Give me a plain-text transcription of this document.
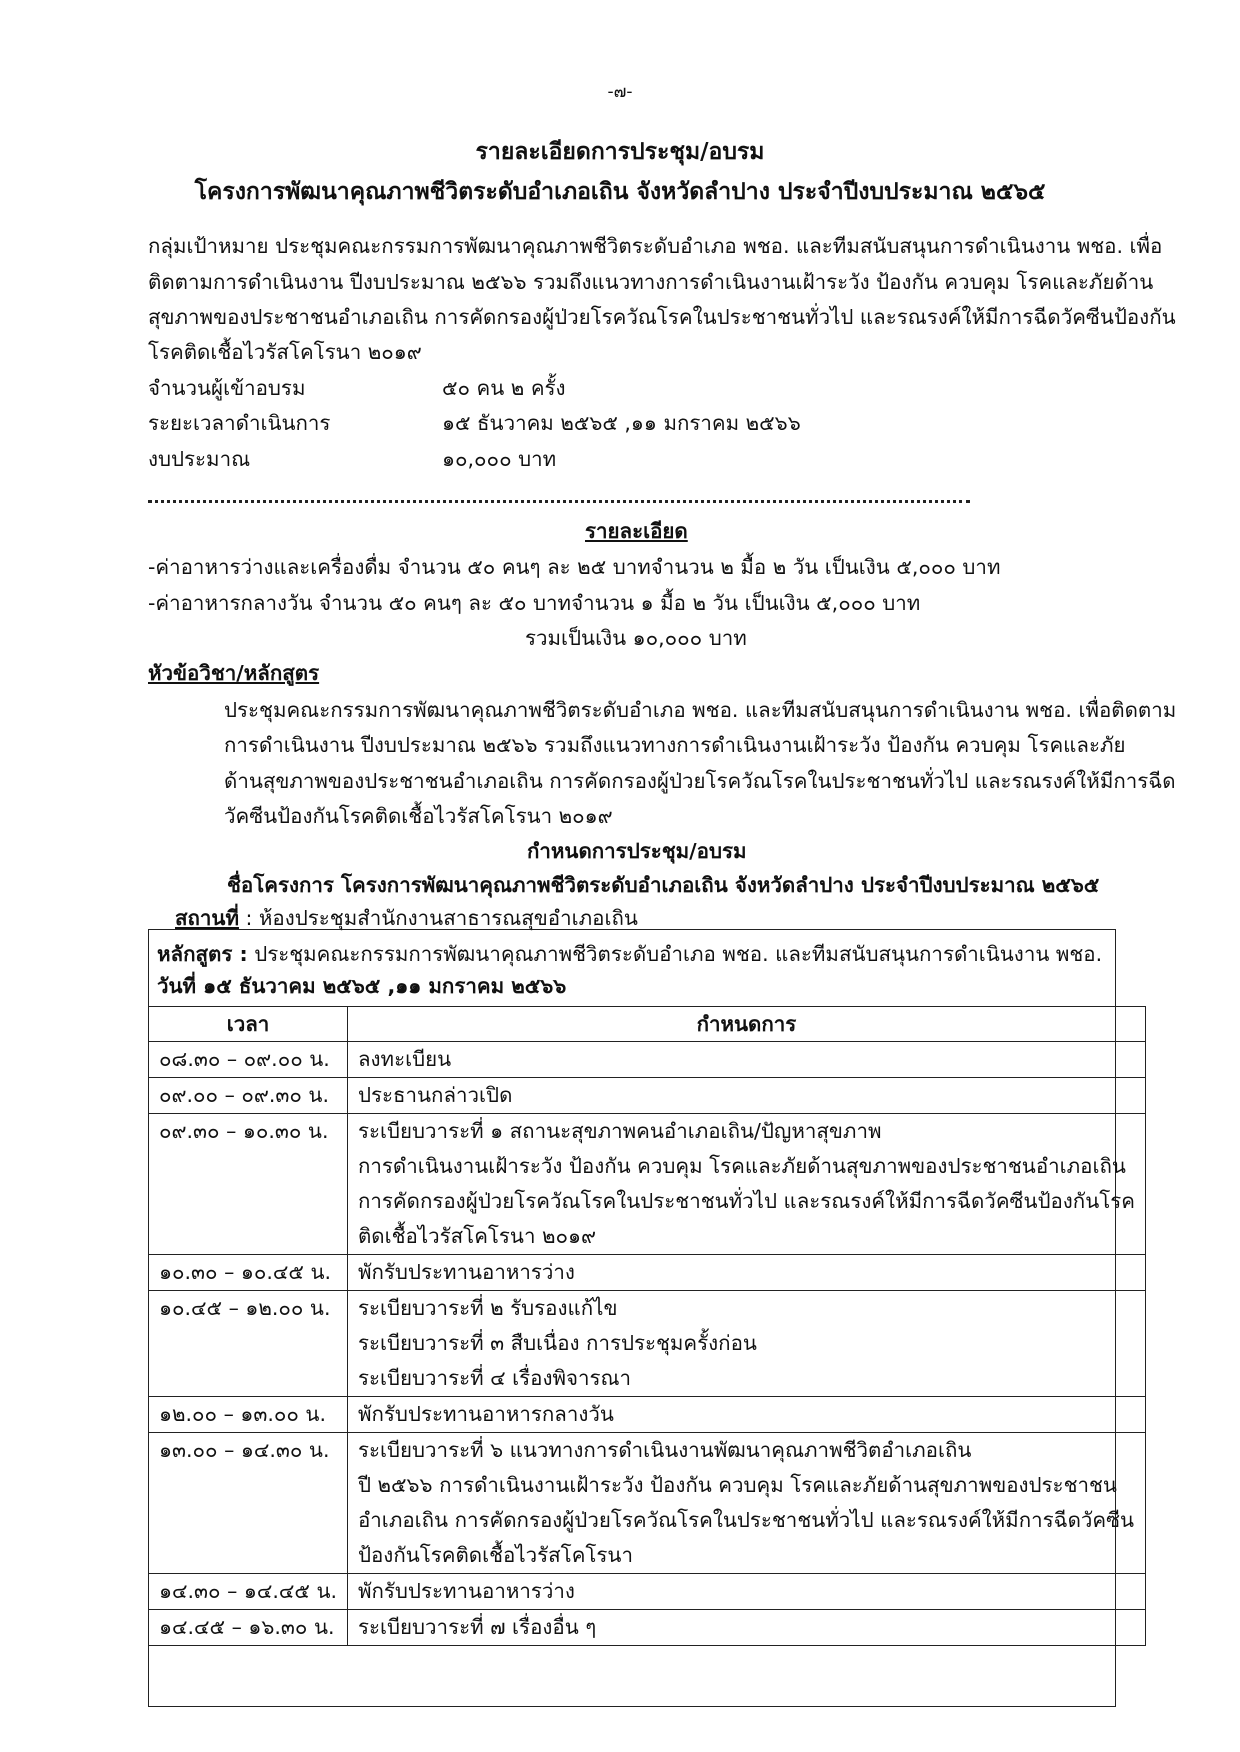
-๗-
รายละเอียดการประชุม/อบรม
โครงการพัฒนาคุณภาพชีวิตระดับอำเภอเถิน จังหวัดลำปาง ประจำปีงบประมาณ ๒๕๖๕
กลุ่มเป้าหมาย ประชุมคณะกรรมการพัฒนาคุณภาพชีวิตระดับอำเภอ พชอ. และทีมสนับสนุนการดำเนินงาน พชอ. เพื่อ
ติดตามการดำเนินงาน ปีงบประมาณ ๒๕๖๖ รวมถึงแนวทางการดำเนินงานเฝ้าระวัง ป้องกัน ควบคุม โรคและภัยด้าน
สุขภาพของประชาชนอำเภอเถิน การคัดกรองผู้ป่วยโรควัณโรคในประชาชนทั่วไป และรณรงค์ให้มีการฉีดวัคซีนป้องกัน
โรคติดเชื้อไวรัสโคโรนา ๒๐๑๙
จำนวนผู้เข้าอบรม	๕๐ คน ๒ ครั้ง
ระยะเวลาดำเนินการ	๑๕ ธันวาคม ๒๕๖๕ ,๑๑ มกราคม ๒๕๖๖
งบประมาณ	๑๐,๐๐๐ บาท
รายละเอียด
-ค่าอาหารว่างและเครื่องดื่ม จำนวน ๕๐ คนๆ ละ ๒๕ บาทจำนวน ๒ มื้อ ๒ วัน เป็นเงิน ๕,๐๐๐ บาท
-ค่าอาหารกลางวัน จำนวน ๕๐ คนๆ ละ ๕๐ บาทจำนวน ๑ มื้อ ๒ วัน เป็นเงิน ๕,๐๐๐ บาท
รวมเป็นเงิน ๑๐,๐๐๐ บาท
หัวข้อวิชา/หลักสูตร
ประชุมคณะกรรมการพัฒนาคุณภาพชีวิตระดับอำเภอ พชอ. และทีมสนับสนุนการดำเนินงาน พชอ. เพื่อติดตาม
การดำเนินงาน ปีงบประมาณ ๒๕๖๖ รวมถึงแนวทางการดำเนินงานเฝ้าระวัง ป้องกัน ควบคุม โรคและภัย
ด้านสุขภาพของประชาชนอำเภอเถิน การคัดกรองผู้ป่วยโรควัณโรคในประชาชนทั่วไป และรณรงค์ให้มีการฉีด
วัคซีนป้องกันโรคติดเชื้อไวรัสโคโรนา ๒๐๑๙
กำหนดการประชุม/อบรม
ชื่อโครงการ โครงการพัฒนาคุณภาพชีวิตระดับอำเภอเถิน จังหวัดลำปาง ประจำปีงบประมาณ ๒๕๖๕
สถานที่ : ห้องประชุมสำนักงานสาธารณสุขอำเภอเถิน
หลักสูตร : ประชุมคณะกรรมการพัฒนาคุณภาพชีวิตระดับอำเภอ พชอ. และทีมสนับสนุนการดำเนินงาน พชอ.
วันที่ ๑๕ ธันวาคม ๒๕๖๕ ,๑๑ มกราคม ๒๕๖๖
เวลา	กำหนดการ
๐๘.๓๐ – ๐๙.๐๐ น.	ลงทะเบียน

๐๙.๐๐ – ๐๙.๓๐ น.	ประธานกล่าวเปิด

๐๙.๓๐ – ๑๐.๓๐ น.	ระเบียบวาระที่ ๑ สถานะสุขภาพคนอำเภอเถิน/ปัญหาสุขภาพ
การดำเนินงานเฝ้าระวัง ป้องกัน ควบคุม โรคและภัยด้านสุขภาพของประชาชนอำเภอเถิน
การคัดกรองผู้ป่วยโรควัณโรคในประชาชนทั่วไป และรณรงค์ให้มีการฉีดวัคซีนป้องกันโรค
ติดเชื้อไวรัสโคโรนา ๒๐๑๙

๑๐.๓๐ – ๑๐.๔๕ น.	พักรับประทานอาหารว่าง

๑๐.๔๕ – ๑๒.๐๐ น.	ระเบียบวาระที่ ๒ รับรองแก้ไข
ระเบียบวาระที่ ๓ สืบเนื่อง การประชุมครั้งก่อน
ระเบียบวาระที่ ๔ เรื่องพิจารณา

๑๒.๐๐ – ๑๓.๐๐ น.	พักรับประทานอาหารกลางวัน

๑๓.๐๐ – ๑๔.๓๐ น.	ระเบียบวาระที่ ๖ แนวทางการดำเนินงานพัฒนาคุณภาพชีวิตอำเภอเถิน
ปี ๒๕๖๖ การดำเนินงานเฝ้าระวัง ป้องกัน ควบคุม โรคและภัยด้านสุขภาพของประชาชน
อำเภอเถิน การคัดกรองผู้ป่วยโรควัณโรคในประชาชนทั่วไป และรณรงค์ให้มีการฉีดวัคซีน
ป้องกันโรคติดเชื้อไวรัสโคโรนา

๑๔.๓๐ – ๑๔.๔๕ น.	พักรับประทานอาหารว่าง

๑๔.๔๕ – ๑๖.๓๐ น.	ระเบียบวาระที่ ๗ เรื่องอื่น ๆ
